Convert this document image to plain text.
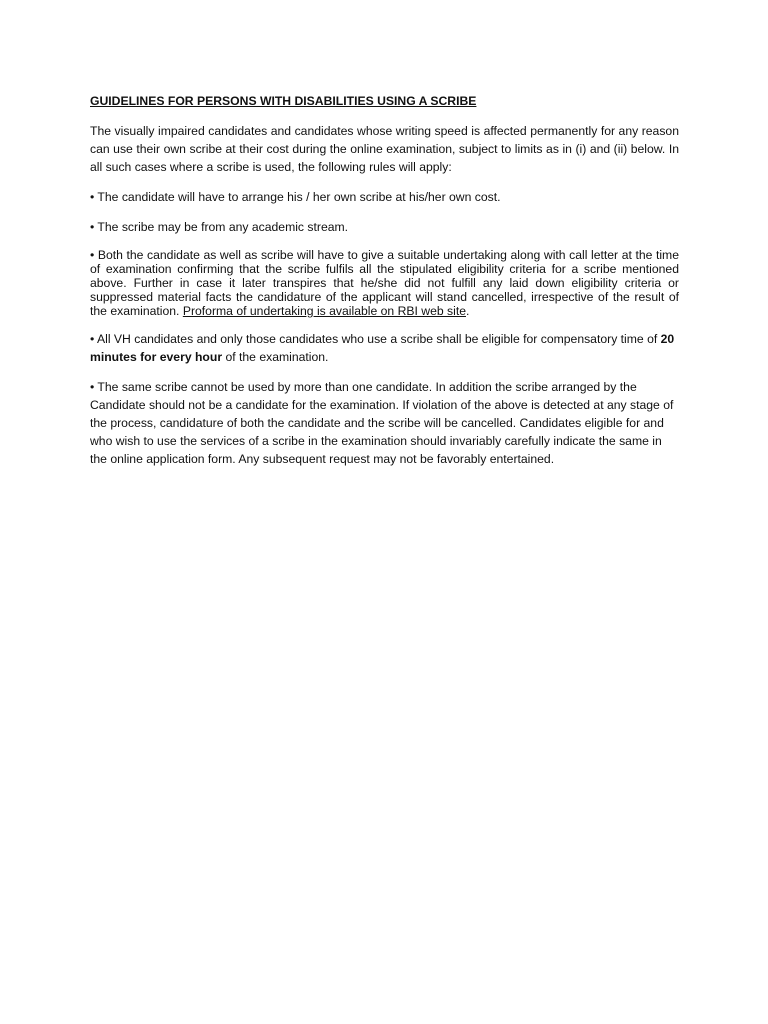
GUIDELINES FOR PERSONS WITH DISABILITIES USING A SCRIBE

The visually impaired candidates and candidates whose writing speed is affected permanently for any reason can use their own scribe at their cost during the online examination, subject to limits as in (i) and (ii) below. In all such cases where a scribe is used, the following rules will apply:

• The candidate will have to arrange his / her own scribe at his/her own cost.

• The scribe may be from any academic stream.

• Both the candidate as well as scribe will have to give a suitable undertaking along with call letter at the time of examination confirming that the scribe fulfils all the stipulated eligibility criteria for a scribe mentioned above. Further in case it later transpires that he/she did not fulfill any laid down eligibility criteria or suppressed material facts the candidature of the applicant will stand cancelled, irrespective of the result of the examination. Proforma of undertaking is available on RBI web site.

• All VH candidates and only those candidates who use a scribe shall be eligible for compensatory time of 20 minutes for every hour of the examination.

• The same scribe cannot be used by more than one candidate. In addition the scribe arranged by the Candidate should not be a candidate for the examination. If violation of the above is detected at any stage of the process, candidature of both the candidate and the scribe will be cancelled. Candidates eligible for and who wish to use the services of a scribe in the examination should invariably carefully indicate the same in the online application form. Any subsequent request may not be favorably entertained.
